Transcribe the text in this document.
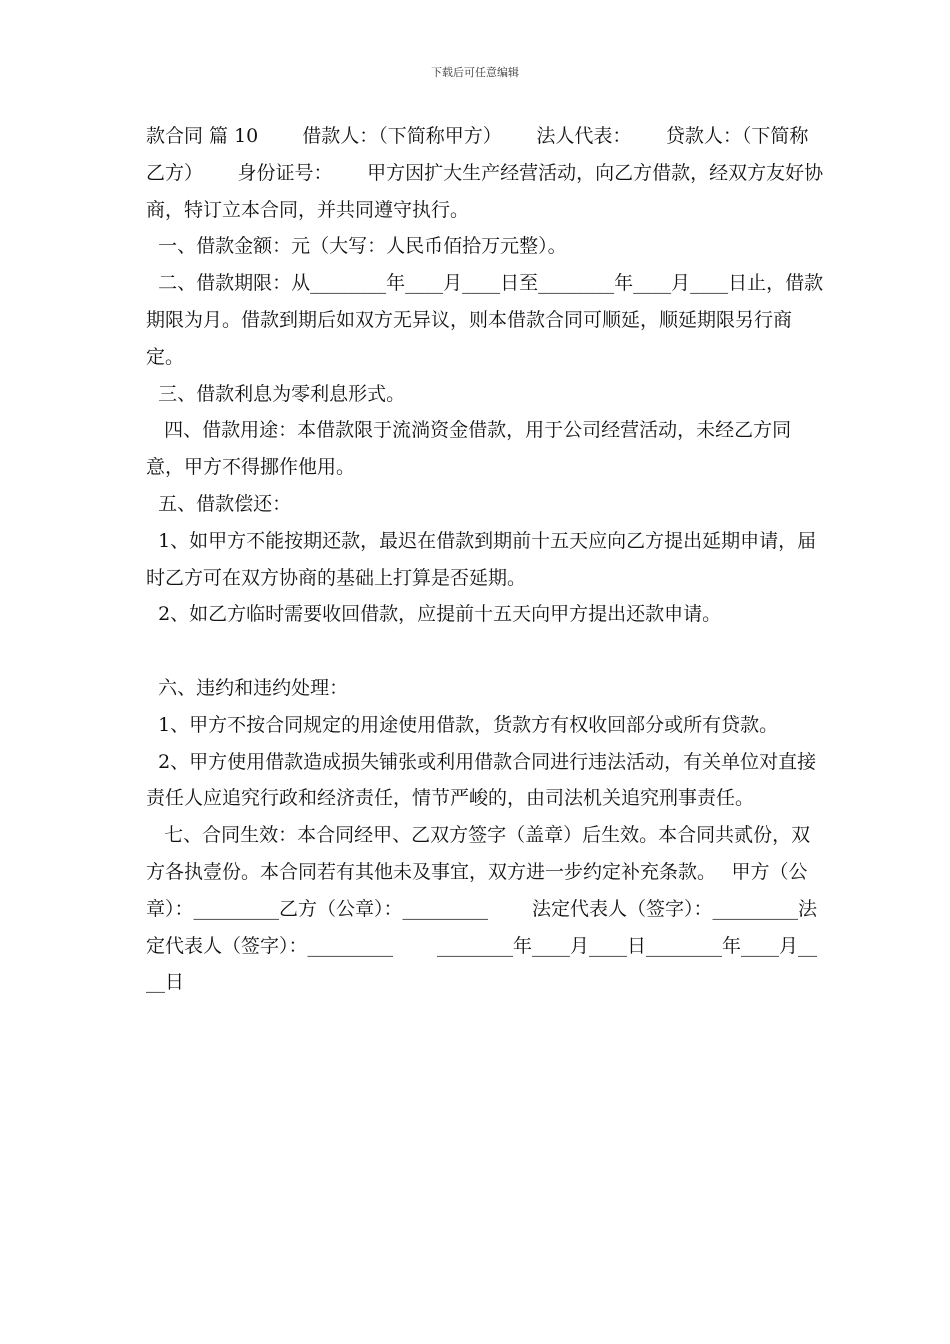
下载后可任意编辑

款合同 篇 10　　 借款人：（下简称甲方）　　 法人代表：　　 贷款人：（下简称乙方）　　 身份证号：　　 甲方因扩大生产经营活动，向乙方借款，经双方友好协商，特订立本合同，并共同遵守执行。

一、借款金额：元（大写：人民币佰拾万元整）。

二、借款期限：从________年____月____日至________年____月____日止，借款期限为月。借款到期后如双方无异议，则本借款合同可顺延，顺延期限另行商定。

三、借款利息为零利息形式。

四、借款用途：本借款限于流淌资金借款，用于公司经营活动，未经乙方同意，甲方不得挪作他用。

五、借款偿还：

1、如甲方不能按期还款，最迟在借款到期前十五天应向乙方提出延期申请，届时乙方可在双方协商的基础上打算是否延期。

2、如乙方临时需要收回借款，应提前十五天向甲方提出还款申请。

六、违约和违约处理：

1、甲方不按合同规定的用途使用借款，货款方有权收回部分或所有贷款。

2、甲方使用借款造成损失铺张或利用借款合同进行违法活动，有关单位对直接责任人应追究行政和经济责任，情节严峻的，由司法机关追究刑事责任。

七、合同生效：本合同经甲、乙双方签字（盖章）后生效。本合同共贰份，双方各执壹份。本合同若有其他未及事宜，双方进一步约定补充条款。　 甲方（公章）：_________乙方（公章）：_________　　 法定代表人（签字）：_________法定代表人（签字）：_________　　 ________年____月____日________年____月____日
